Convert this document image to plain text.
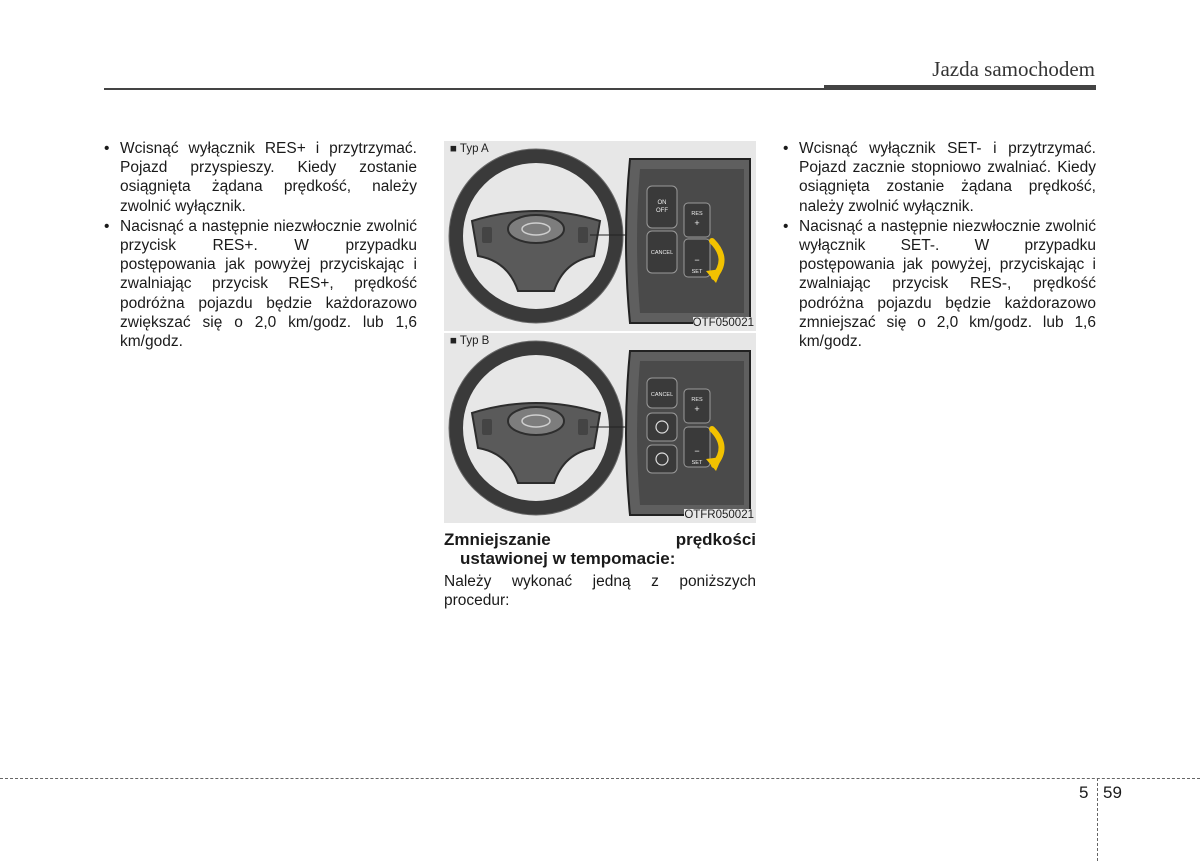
Jazda samochodem
• Wcisnąć wyłącznik RES+ i przytrzymać. Pojazd przyspieszy. Kiedy zostanie osiągnięta żądana prędkość, należy zwolnić wyłącznik.
• Nacisnąć a następnie niezwłocznie zwolnić przycisk RES+. W przypadku postępowania jak powyżej przyciskając i zwalniając przycisk RES+, prędkość podróżna pojazdu będzie każdorazowo zwiększać się o 2,0 km/godz. lub 1,6 km/godz.
ON
OFF
CANCEL
RES
+
−
SET
■ Typ A
OTF050021
CANCEL
RES
+
−
SET
■ Typ B
OTFR050021
Zmniejszanie	prędkości
ustawionej w tempomacie:
Należy wykonać jedną z poniższych procedur:
• Wcisnąć wyłącznik SET- i przytrzymać. Pojazd zacznie stopniowo zwalniać. Kiedy osiągnięta zostanie żądana prędkość, należy zwolnić wyłącznik.
• Nacisnąć a następnie niezwłocznie zwolnić wyłącznik SET-. W przypadku postępowania jak powyżej, przyciskając i zwalniając przycisk RES-, prędkość podróżna pojazdu będzie każdorazowo zmniejszać się o 2,0 km/godz. lub 1,6 km/godz.
5 59
